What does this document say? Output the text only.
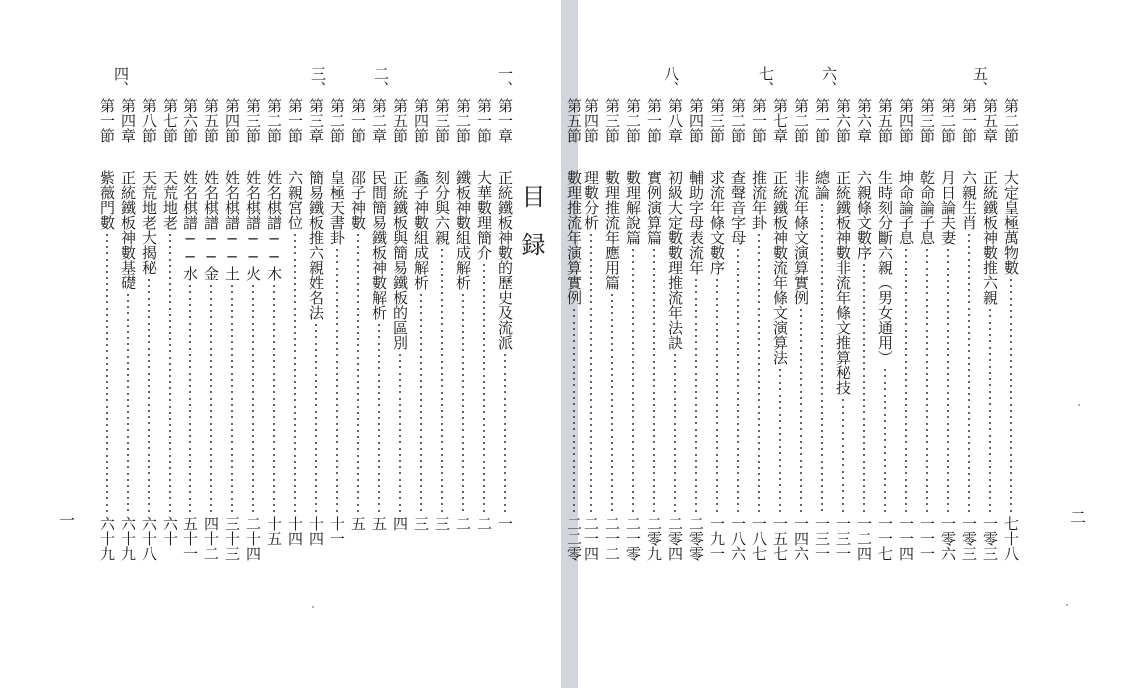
第一章
正統鐵板神數的歷史及流派
一
第一節
大華數理簡介
二
第二節
鐵板神數組成解析
二
第三節
刻分與六親
三
第四節
螽子神數組成解析
三
第五節
正統鐵板與簡易鐵板的區別
四
第二章
民間簡易鐵板神數解析
五
第一節
邵子神數
五
第二節
皇極天書卦
十一
第三章
簡易鐵板推六親姓名法
十四
第一節
六親宮位
十四
第二節
姓名棋譜──木
十五
第三節
姓名棋譜──火
二十四
第四節
姓名棋譜──土
三十三
第五節
姓名棋譜──金
四十二
第六節
姓名棋譜──水
五十一
第七節
天荒地老
六十
第八節
天荒地老大揭秘
六十八
第四章
正統鐵板神數基礎
六十九
第一節
紫薇門數
六十九
一、
二、
三、
四、
目録
一
第二節
大定皇極萬物數
七十八
第五章
正統鐵板神數推六親
一零三
第一節
六親生肖
一零三
第二節
月日論夫妻
一零六
第三節
乾命論子息
一一一
第四節
坤命論子息
一一四
第五節
生時刻分斷六親（男女通用）
一一七
第六章
六親條文數序
一二四
第六節
正統鐵板神數非流年條文推算秘技
一三一
第一節
總論
一三一
第二節
非流年條文演算實例
一四六
第七章
正統鐵板神數流年條文演算法
一五七
第一節
推流年卦
一八七
第二節
查聲音字母
一八六
第三節
求流年條文數序
一九一
第四節
輔助字母表流年
二零零
第八章
初級大定數數理推流年法訣
二零四
第一節
實例演算篇
二零九
第二節
數理解說篇
二一零
第三節
數理推流年應用篇
二一二
第四節
理數分析
二一四
第五節
數理推流年演算實例
二二零
五、
六、
七、
八、
二
